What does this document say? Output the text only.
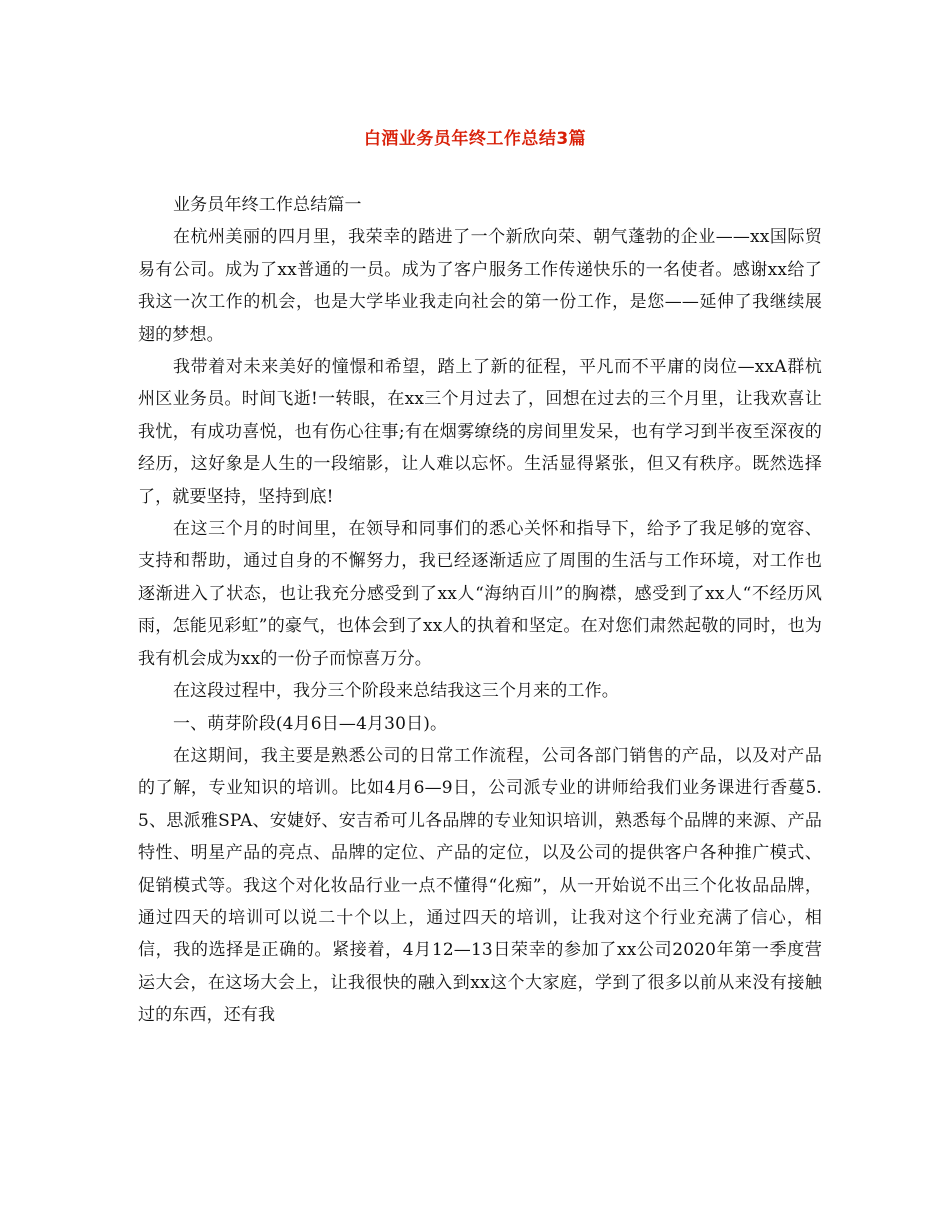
白酒业务员年终工作总结3篇

业务员年终工作总结篇一

在杭州美丽的四月里，我荣幸的踏进了一个新欣向荣、朝气蓬勃的企业——xx国际贸易有公司。成为了xx普通的一员。成为了客户服务工作传递快乐的一名使者。感谢xx给了我这一次工作的机会，也是大学毕业我走向社会的第一份工作，是您——延伸了我继续展翅的梦想。

我带着对未来美好的憧憬和希望，踏上了新的征程，平凡而不平庸的岗位—xxA群杭州区业务员。时间飞逝!一转眼，在xx三个月过去了，回想在过去的三个月里，让我欢喜让我忧，有成功喜悦，也有伤心往事;有在烟雾缭绕的房间里发呆，也有学习到半夜至深夜的经历，这好象是人生的一段缩影，让人难以忘怀。生活显得紧张，但又有秩序。既然选择了，就要坚持，坚持到底!

在这三个月的时间里，在领导和同事们的悉心关怀和指导下，给予了我足够的宽容、支持和帮助，通过自身的不懈努力，我已经逐渐适应了周围的生活与工作环境，对工作也逐渐进入了状态，也让我充分感受到了xx人“海纳百川”的胸襟，感受到了xx人“不经历风雨，怎能见彩虹”的豪气，也体会到了xx人的执着和坚定。在对您们肃然起敬的同时，也为我有机会成为xx的一份子而惊喜万分。

在这段过程中，我分三个阶段来总结我这三个月来的工作。

一、萌芽阶段(4月6日—4月30日)。

在这期间，我主要是熟悉公司的日常工作流程，公司各部门销售的产品，以及对产品的了解，专业知识的培训。比如4月6—9日，公司派专业的讲师给我们业务课进行香蔓5.5、思派雅SPA、安婕妤、安吉希可儿各品牌的专业知识培训，熟悉每个品牌的来源、产品特性、明星产品的亮点、品牌的定位、产品的定位，以及公司的提供客户各种推广模式、促销模式等。我这个对化妆品行业一点不懂得“化痴”，从一开始说不出三个化妆品品牌，通过四天的培训可以说二十个以上，通过四天的培训，让我对这个行业充满了信心，相信，我的选择是正确的。紧接着，4月12—13日荣幸的参加了xx公司2020年第一季度营运大会，在这场大会上，让我很快的融入到xx这个大家庭，学到了很多以前从来没有接触过的东西，还有我
